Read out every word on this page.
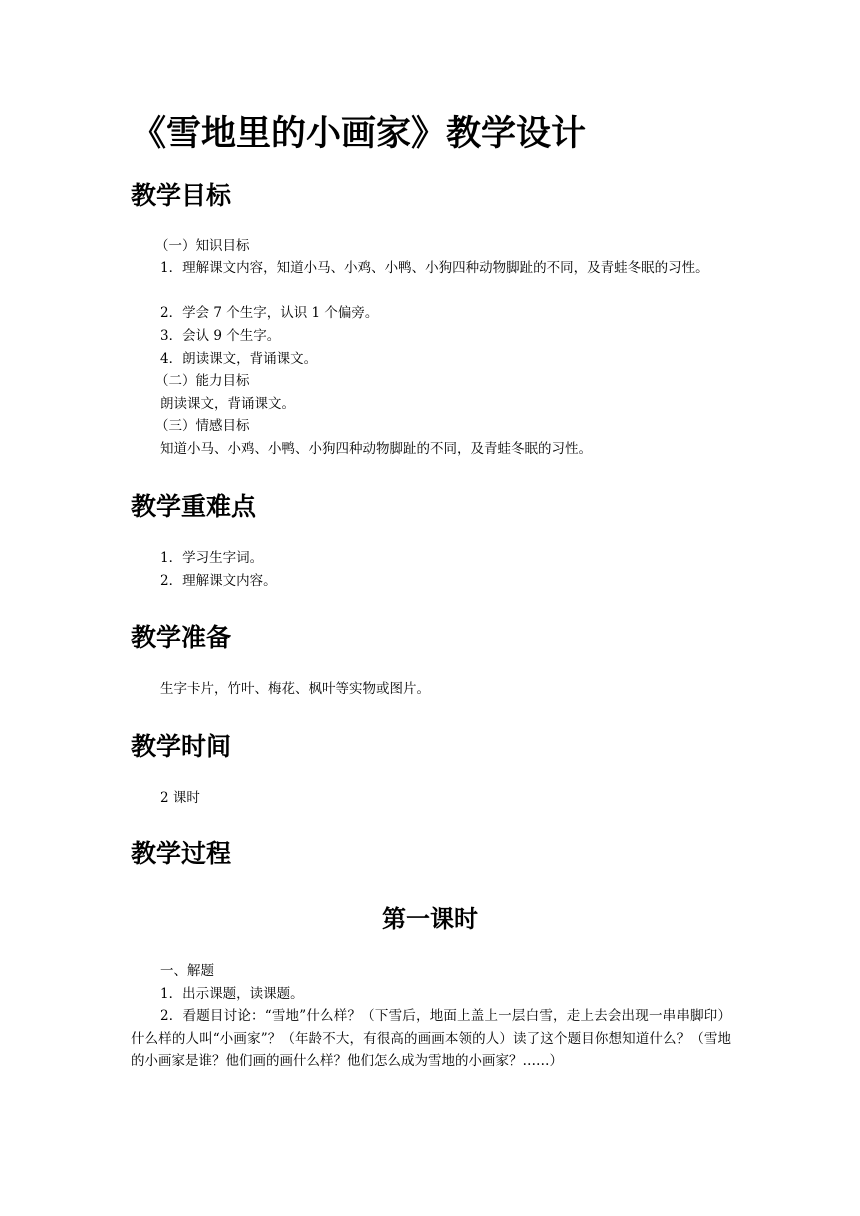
《雪地里的小画家》教学设计
教学目标
（一）知识目标
1．理解课文内容，知道小马、小鸡、小鸭、小狗四种动物脚趾的不同，及青蛙冬眠的习性。
2．学会 7 个生字，认识 1 个偏旁。
3．会认 9 个生字。
4．朗读课文，背诵课文。
（二）能力目标
朗读课文，背诵课文。
（三）情感目标
知道小马、小鸡、小鸭、小狗四种动物脚趾的不同，及青蛙冬眠的习性。
教学重难点
1．学习生字词。
2．理解课文内容。
教学准备
生字卡片，竹叶、梅花、枫叶等实物或图片。
教学时间
2 课时
教学过程
第一课时
一、解题
1．出示课题，读课题。
2．看题目讨论：“雪地”什么样？（下雪后，地面上盖上一层白雪，走上去会出现一串串脚印）什么样的人叫“小画家”？（年龄不大，有很高的画画本领的人）读了这个题目你想知道什么？（雪地的小画家是谁？他们画的画什么样？他们怎么成为雪地的小画家？……）
